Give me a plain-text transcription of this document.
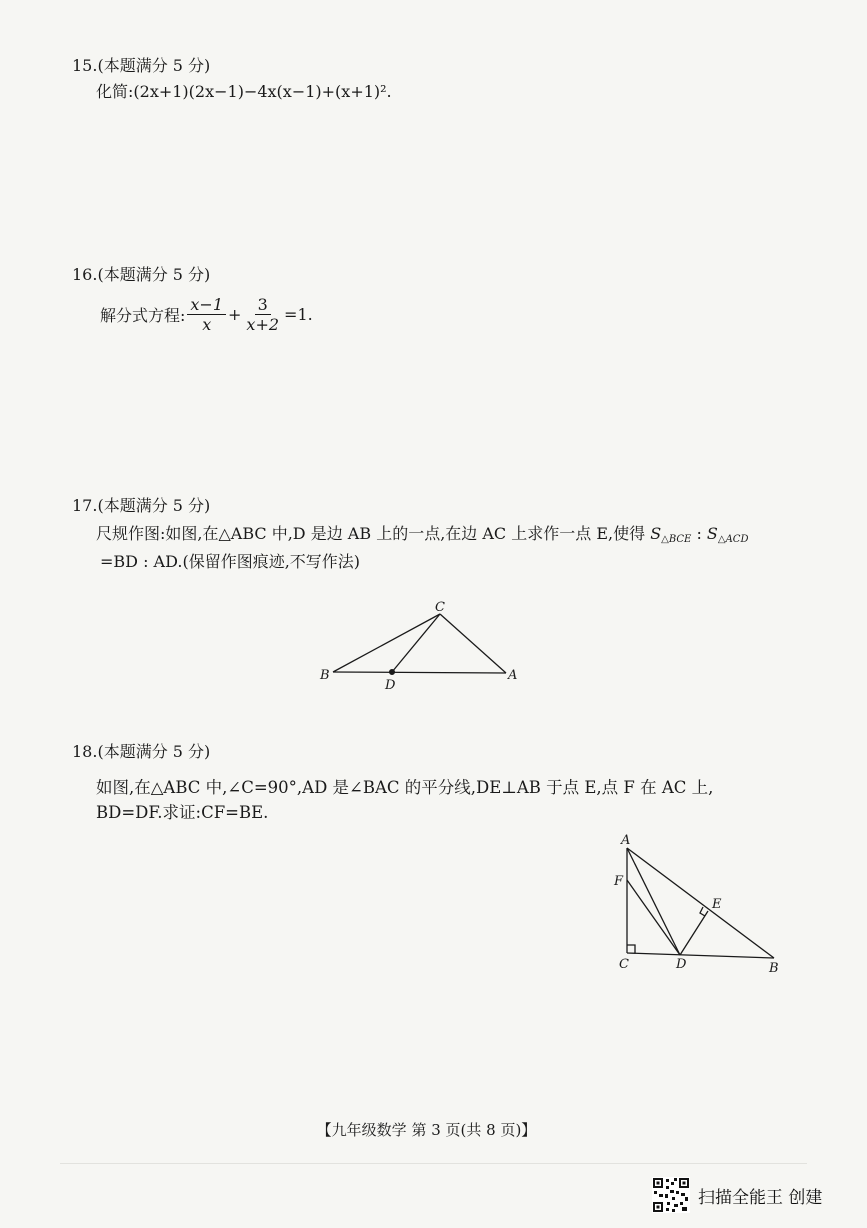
15.(本题满分 5 分)
化简:(2x+1)(2x−1)−4x(x−1)+(x+1)².
16.(本题满分 5 分)
解分式方程: $\frac{x-1}{x} + \frac{3}{x+2} =1$.
17.(本题满分 5 分)
尺规作图:如图,在△ABC 中,D 是边 AB 上的一点,在边 AC 上求作一点 E,使得 $S_{\triangle BCE}$ : $S_{\triangle ACD}$
=BD : AD.(保留作图痕迹,不写作法)
18.(本题满分 5 分)
如图,在△ABC 中,∠C=90°,AD 是∠BAC 的平分线,DE⊥AB 于点 E,点 F 在 AC 上,
BD=DF.求证:CF=BE.
C
B
D
A
A
F
E
C	D	B
【九年级数学 第 3 页(共 8 页)】
扫描全能王 创建
